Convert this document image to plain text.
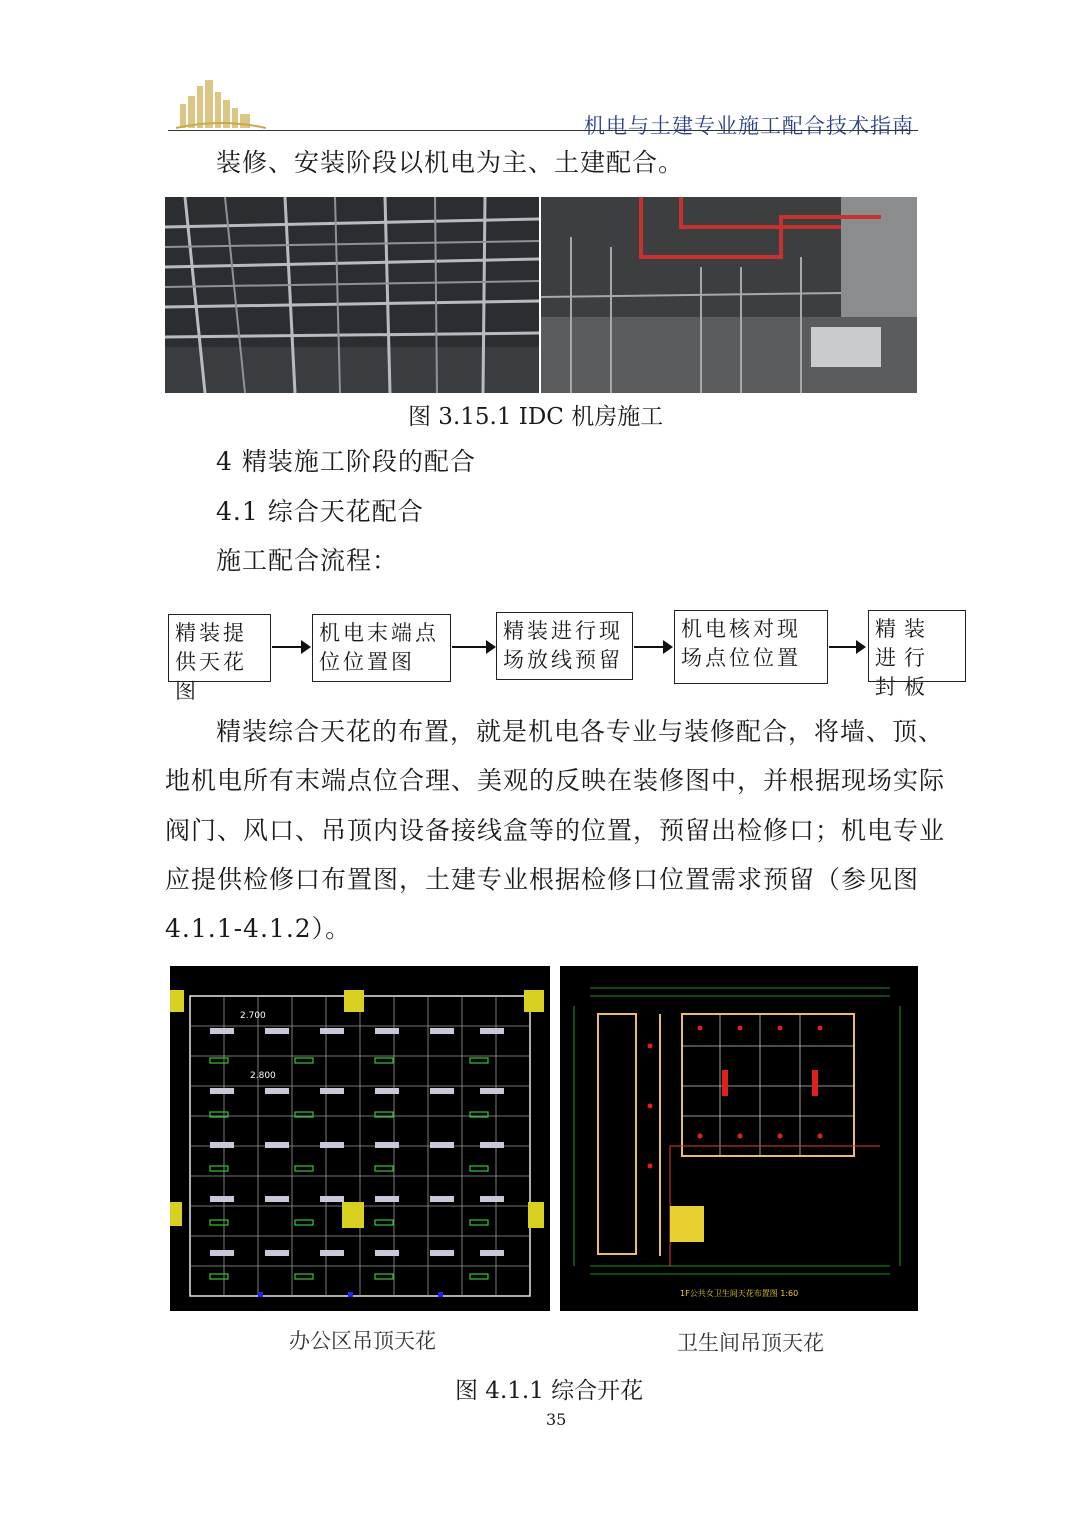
机电与土建专业施工配合技术指南
装修、安装阶段以机电为主、土建配合。
图 3.15.1 IDC 机房施工
4 精装施工阶段的配合
4.1 综合天花配合
施工配合流程：
精装提供天花图
机电末端点位位置图
精装进行现场放线预留
机电核对现场点位位置
精装进行封板
精装综合天花的布置，就是机电各专业与装修配合，将墙、顶、
地机电所有末端点位合理、美观的反映在装修图中，并根据现场实际
阀门、风口、吊顶内设备接线盒等的位置，预留出检修口；机电专业
应提供检修口布置图，土建专业根据检修口位置需求预留（参见图
4.1.1-4.1.2）。
2.700
2.800
1F公共女卫生间天花布置图 1:60
办公区吊顶天花	卫生间吊顶天花
图 4.1.1 综合开花
35
